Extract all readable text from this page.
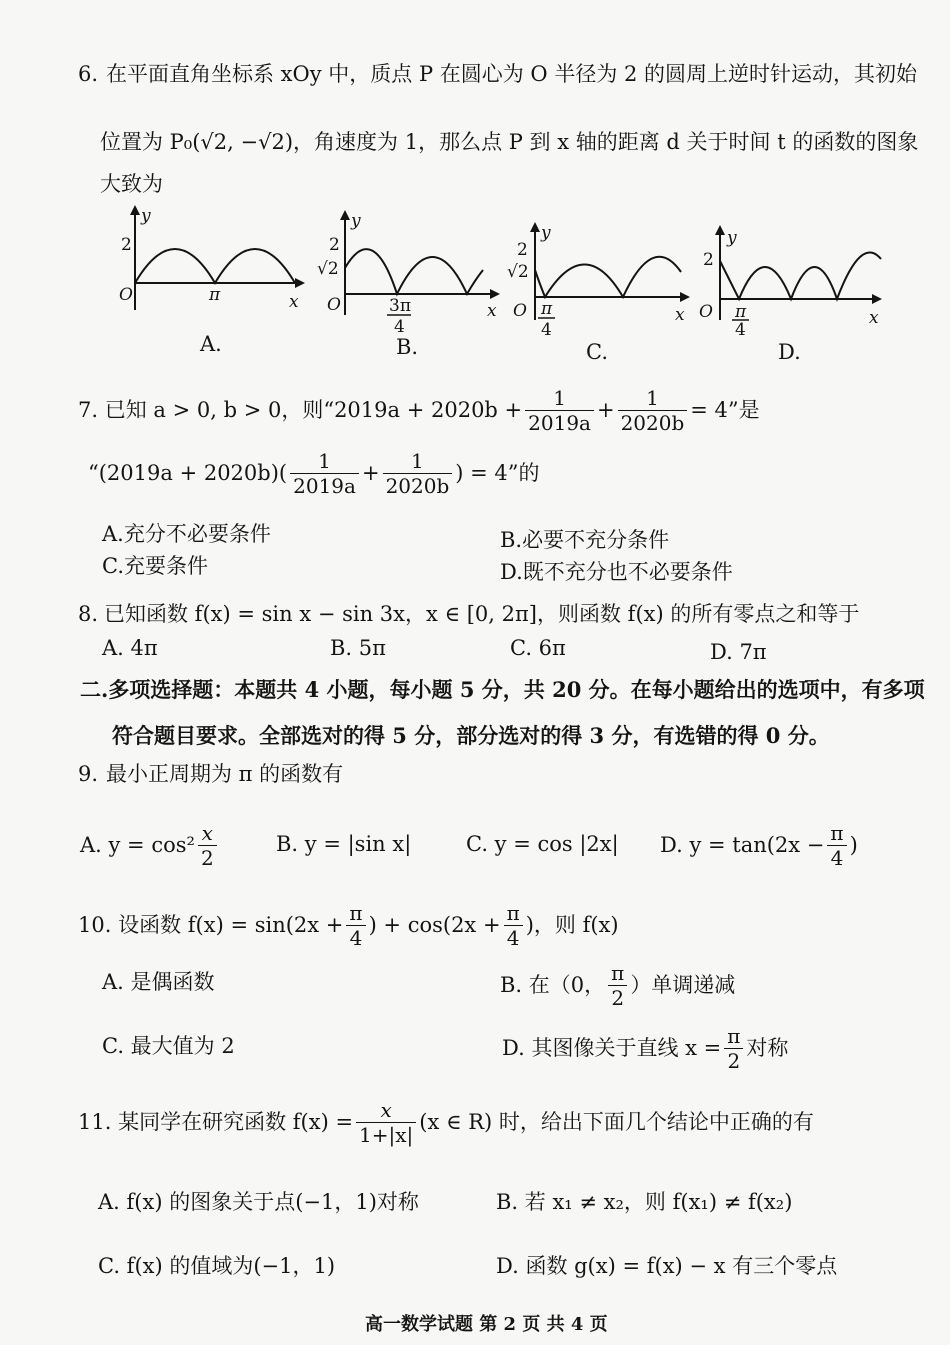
6. 在平面直角坐标系 xOy 中，质点 P 在圆心为 O 半径为 2 的圆周上逆时针运动，其初始
位置为 P₀(√2, −√2)，角速度为 1，那么点 P 到 x 轴的距离 d 关于时间 t 的函数的图象
大致为
y
2
O	π	x
A.
y
2
√2
O	3π
4
x
B.
y
2
√2
O π
4
x
C.
y
2
O π
4
x
D.
7.
已知 a > 0, b > 0，则“$2019a + 2020b + \frac{1}{2019a} + \frac{1}{2020b} = 4$”是
“$(2019a + 2020b)( \frac{1}{2019a} + \frac{1}{2020b}$ ) = 4”的
A.充分不必要条件	B.必要不充分条件
C.充要条件	D.既不充分也不必要条件
8. 已知函数 f(x) = sin x − sin 3x，x ∈ [0, 2π]，则函数 f(x) 的所有零点之和等于
A. 4π	B. 5π	C. 6π	D. 7π
二.多项选择题：本题共 4 小题，每小题 5 分，共 20 分。在每小题给出的选项中，有多项
符合题目要求。全部选对的得 5 分，部分选对的得 3 分，有选错的得 0 分。
9. 最小正周期为 π 的函数有
A. $y = \cos^2 \frac{x}{2}$	B. y = |sin x|	C. y = cos |2x| D. $y = \tan(2x - \frac{\pi}{4}$ )
10.
设函数 $f(x) = \sin(2x + \frac{\pi}{4}$ ) + $\cos(2x + \frac{\pi}{4}$ )，则 f(x)
A. 是偶函数	B. 在（0， $\frac{\pi}{2}$ ）单调递减
C. 最大值为 2	D. 其图像关于直线 $x = \frac{\pi}{2}$ 对称
11.
某同学在研究函数 $f(x) = \frac{x}{1+|x|} (x$ ∈ R) 时，给出下面几个结论中正确的有
A. f(x) 的图象关于点(−1，1)对称	B. 若 x₁ ≠ x₂，则 f(x₁) ≠ f(x₂)
C. f(x) 的值域为(−1，1)	D. 函数 g(x) = f(x) − x 有三个零点
高一数学试题 第 2 页 共 4 页
